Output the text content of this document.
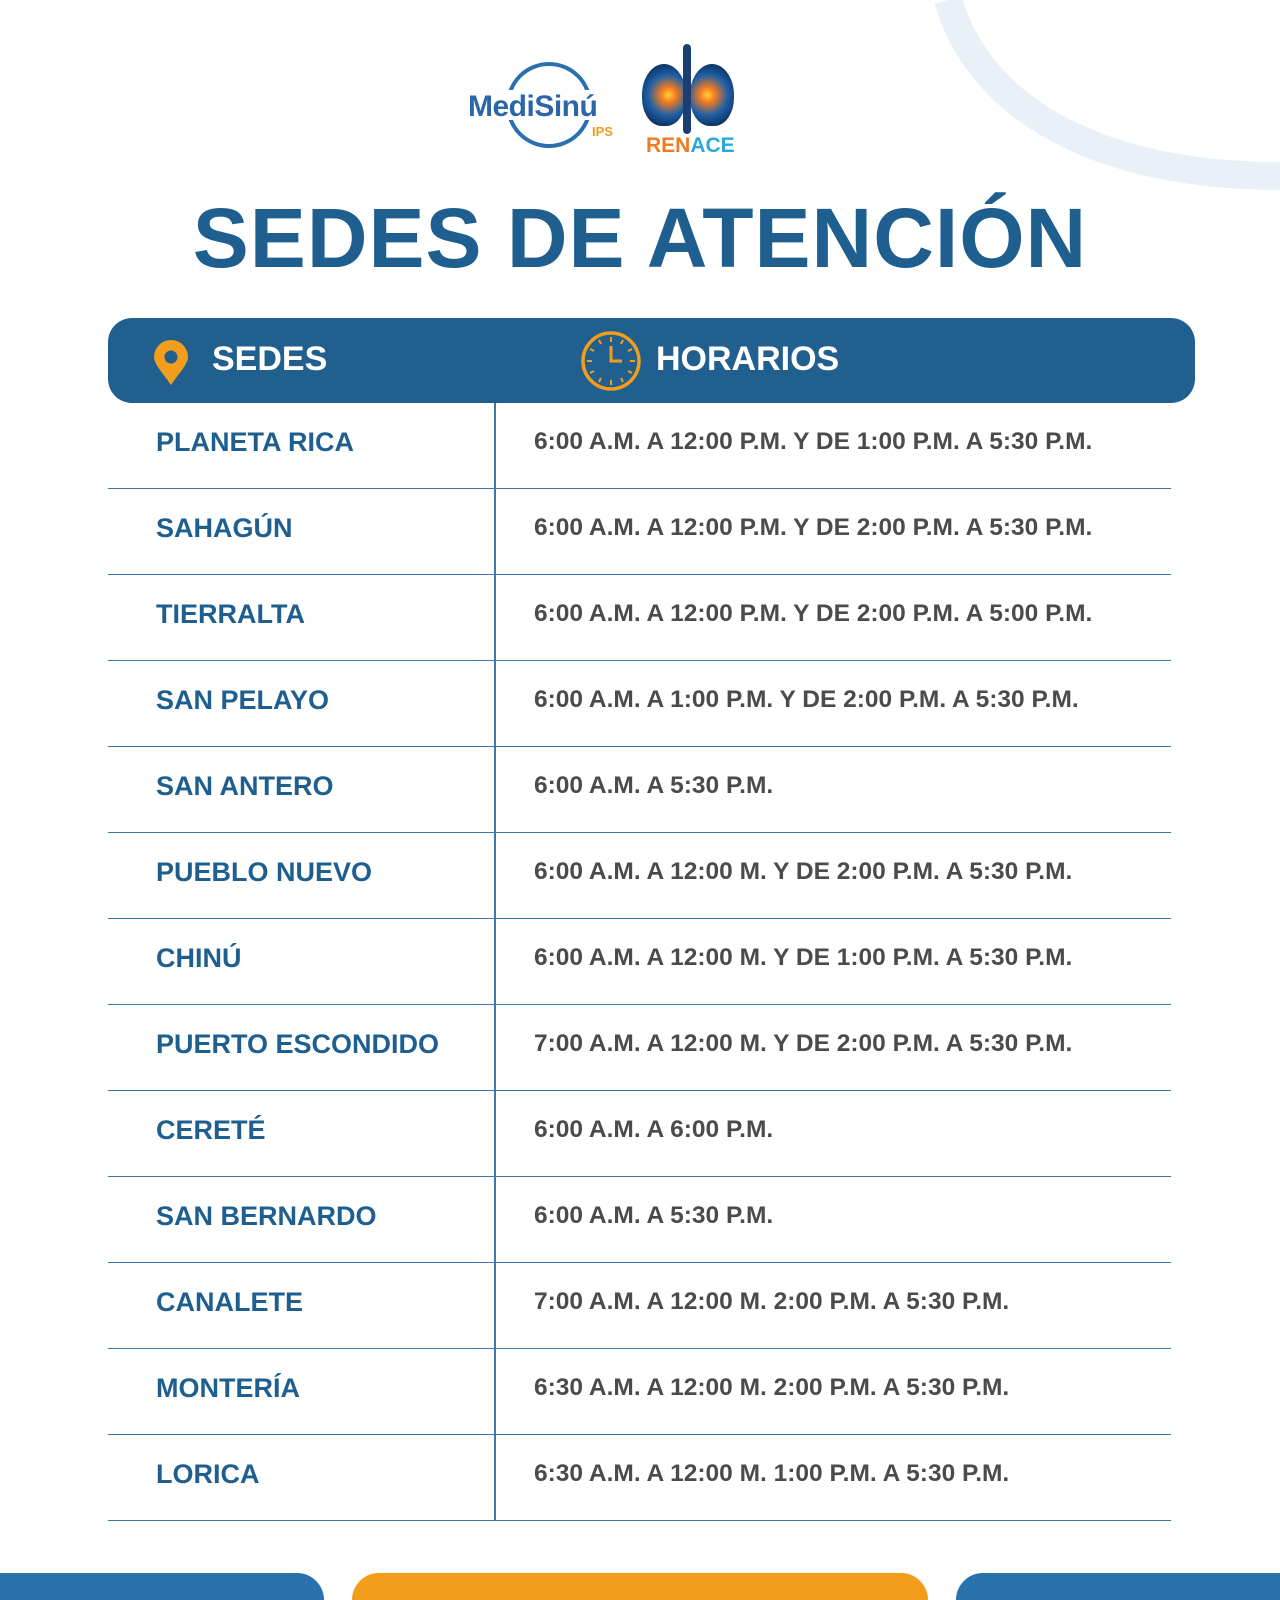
MediSinú
IPS
RENACE
SEDES DE ATENCIÓN
SEDES	HORARIOS
PLANETA RICA	6:00 A.M. A 12:00 P.M. Y DE 1:00 P.M. A 5:30 P.M.
SAHAGÚN	6:00 A.M. A 12:00 P.M. Y DE 2:00 P.M. A 5:30 P.M.
TIERRALTA	6:00 A.M. A 12:00 P.M. Y DE 2:00 P.M. A 5:00 P.M.
SAN PELAYO	6:00 A.M. A 1:00 P.M. Y DE 2:00 P.M. A 5:30 P.M.
SAN ANTERO	6:00 A.M. A 5:30 P.M.
PUEBLO NUEVO	6:00 A.M. A 12:00 M. Y DE 2:00 P.M. A 5:30 P.M.
CHINÚ	6:00 A.M. A 12:00 M. Y DE 1:00 P.M. A 5:30 P.M.
PUERTO ESCONDIDO	7:00 A.M. A 12:00 M. Y DE 2:00 P.M. A 5:30 P.M.
CERETÉ	6:00 A.M. A 6:00 P.M.
SAN BERNARDO	6:00 A.M. A 5:30 P.M.
CANALETE	7:00 A.M. A 12:00 M. 2:00 P.M. A 5:30 P.M.
MONTERÍA	6:30 A.M. A 12:00 M. 2:00 P.M. A 5:30 P.M.
LORICA	6:30 A.M. A 12:00 M. 1:00 P.M. A 5:30 P.M.
